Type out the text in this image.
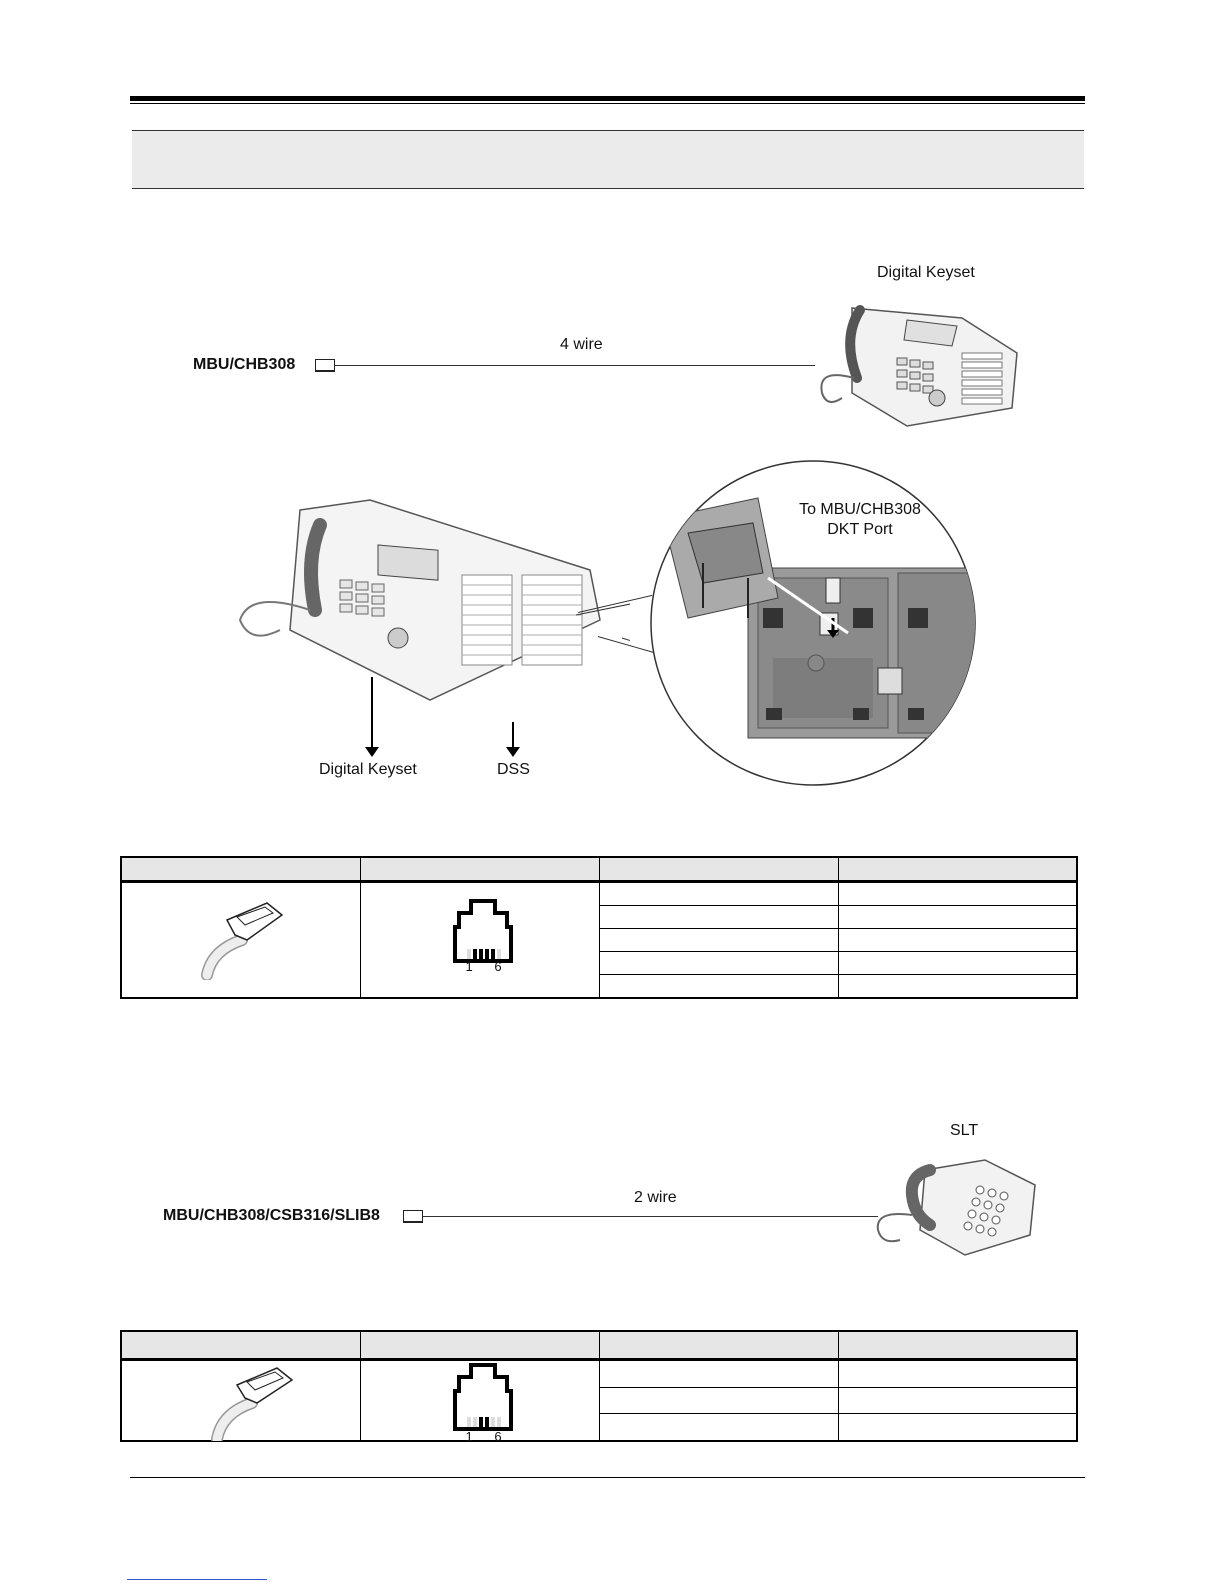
Digital Keyset
4 wire
MBU/CHB308
To MBU/CHB308 DKT Port
Digital Keyset	DSS

1      6		

SLT
2 wire
MBU/CHB308/CSB316/SLIB8

1      6		
